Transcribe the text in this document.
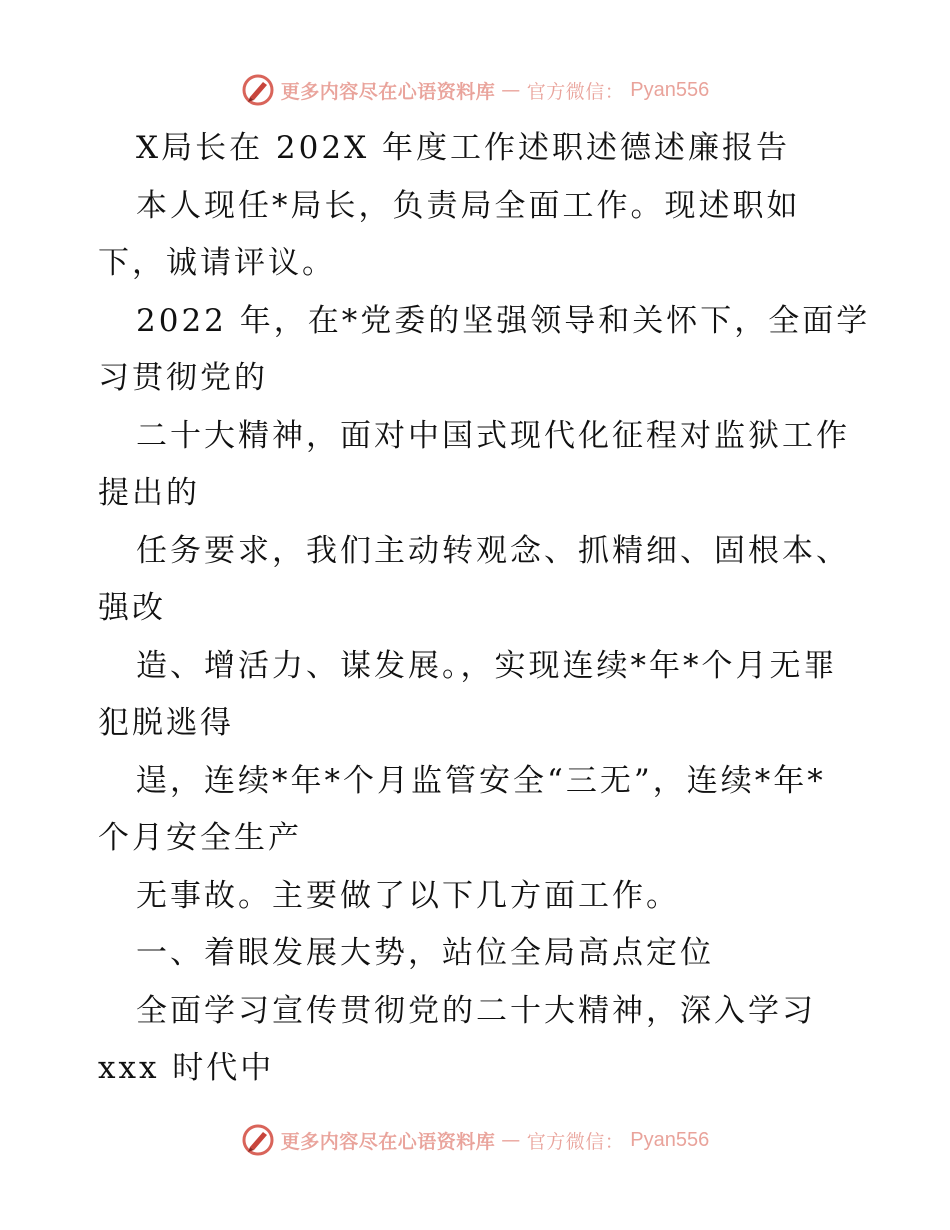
更多内容尽在心语资料库 — 官方微信： Pyan556
X局长在 202X 年度工作述职述德述廉报告
本人现任*局长，负责局全面工作。现述职如
下，诚请评议。
2022 年，在*党委的坚强领导和关怀下，全面学
习贯彻党的
二十大精神，面对中国式现代化征程对监狱工作
提出的
任务要求，我们主动转观念、抓精细、固根本、
强改
造、增活力、谋发展。，实现连续*年*个月无罪
犯脱逃得
逞，连续*年*个月监管安全“三无”，连续*年*
个月安全生产
无事故。主要做了以下几方面工作。
一、着眼发展大势，站位全局高点定位
全面学习宣传贯彻党的二十大精神，深入学习
xxx 时代中
更多内容尽在心语资料库 — 官方微信： Pyan556
